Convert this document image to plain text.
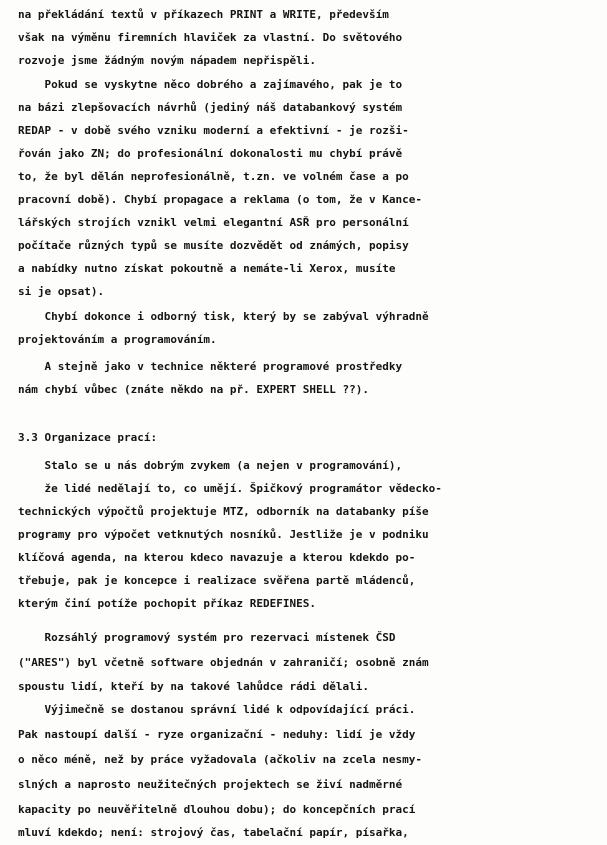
na překládání textů v příkazech PRINT a WRITE, především
však na výměnu firemních hlaviček za vlastní. Do světového
rozvoje jsme žádným novým nápadem nepřispěli.
Pokud se vyskytne něco dobrého a zajímavého, pak je to
na bázi zlepšovacích návrhů (jediný náš databankový systém
REDAP - v době svého vzniku moderní a efektivní - je rozši-
řován jako ZN; do profesionální dokonalosti mu chybí právě
to, že byl dělán neprofesionálně, t.zn. ve volném čase a po
pracovní době). Chybí propagace a reklama (o tom, že v Kance-
lářských strojích vznikl velmi elegantní ASŘ pro personální
počítače různých typů se musíte dozvědět od známých, popisy
a nabídky nutno získat pokoutně a nemáte-li Xerox, musíte
si je opsat).
Chybí dokonce i odborný tisk, který by se zabýval výhradně
projektováním a programováním.
A stejně jako v technice některé programové prostředky
nám chybí vůbec (znáte někdo na př. EXPERT SHELL ??).
3.3 Organizace prací:
Stalo se u nás dobrým zvykem (a nejen v programování),
že lidé nedělají to, co umějí. Špičkový programátor vědecko-
technických výpočtů projektuje MTZ, odborník na databanky píše
programy pro výpočet vetknutých nosníků. Jestliže je v podniku
klíčová agenda, na kterou kdeco navazuje a kterou kdekdo po-
třebuje, pak je koncepce i realizace svěřena partě mládenců,
kterým činí potíže pochopit příkaz REDEFINES.
Rozsáhlý programový systém pro rezervaci místenek ČSD
("ARES") byl včetně software objednán v zahraničí; osobně znám
spoustu lidí, kteří by na takové lahůdce rádi dělali.
Výjimečně se dostanou správní lidé k odpovídající práci.
Pak nastoupí další - ryze organizační - neduhy: lidí je vždy
o něco méně, než by práce vyžadovala (ačkoliv na zcela nesmy-
slných a naprosto neužitečných projektech se živí nadměrné
kapacity po neuvěřitelně dlouhou dobu); do koncepčních prací
mluví kdekdo; není: strojový čas, tabelační papír, písařka,
